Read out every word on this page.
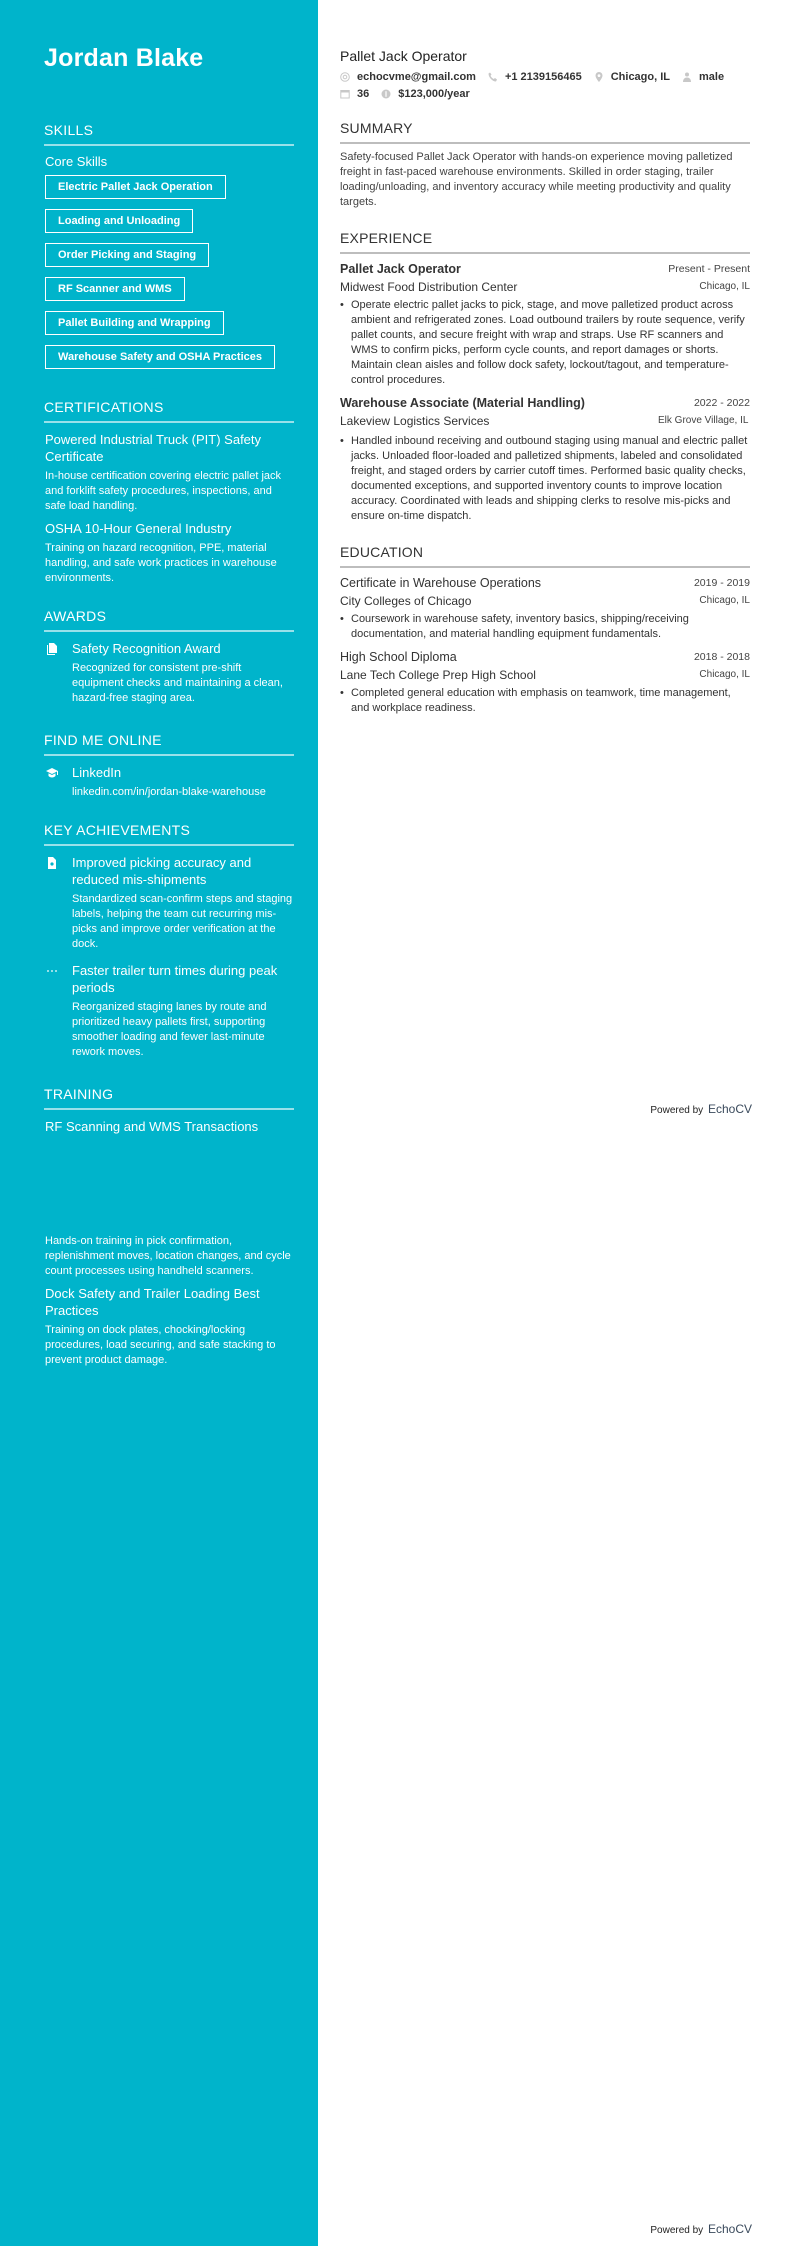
Jordan Blake
SKILLS
Core Skills
Electric Pallet Jack Operation
Loading and Unloading
Order Picking and Staging
RF Scanner and WMS
Pallet Building and Wrapping
Warehouse Safety and OSHA Practices
CERTIFICATIONS
Powered Industrial Truck (PIT) Safety Certificate
In-house certification covering electric pallet jack and forklift safety procedures, inspections, and safe load handling.
OSHA 10-Hour General Industry
Training on hazard recognition, PPE, material handling, and safe work practices in warehouse environments.
AWARDS
Safety Recognition Award
Recognized for consistent pre-shift equipment checks and maintaining a clean, hazard-free staging area.
FIND ME ONLINE
LinkedIn
linkedin.com/in/jordan-blake-warehouse
KEY ACHIEVEMENTS
Improved picking accuracy and reduced mis-shipments
Standardized scan-confirm steps and staging labels, helping the team cut recurring mis-picks and improve order verification at the dock.
Faster trailer turn times during peak periods
Reorganized staging lanes by route and prioritized heavy pallets first, supporting smoother loading and fewer last-minute rework moves.
TRAINING
RF Scanning and WMS Transactions
Hands-on training in pick confirmation, replenishment moves, location changes, and cycle count processes using handheld scanners.
Dock Safety and Trailer Loading Best Practices
Training on dock plates, chocking/locking procedures, load securing, and safe stacking to prevent product damage.
Pallet Jack Operator
echocvme@gmail.com	+1 2139156465	Chicago, IL	male
36	$123,000/year
SUMMARY
Safety-focused Pallet Jack Operator with hands-on experience moving palletized freight in fast-paced warehouse environments. Skilled in order staging, trailer loading/unloading, and inventory accuracy while meeting productivity and quality targets.
EXPERIENCE
Pallet Jack Operator	Present - Present
Midwest Food Distribution Center	Chicago, IL
• Operate electric pallet jacks to pick, stage, and move palletized product across ambient and refrigerated zones. Load outbound trailers by route sequence, verify pallet counts, and secure freight with wrap and straps. Use RF scanners and WMS to confirm picks, perform cycle counts, and report damages or shorts. Maintain clean aisles and follow dock safety, lockout/tagout, and temperature-control procedures.
Warehouse Associate (Material Handling)	2022 - 2022
Lakeview Logistics Services	Elk Grove Village, IL
• Handled inbound receiving and outbound staging using manual and electric pallet jacks. Unloaded floor-loaded and palletized shipments, labeled and consolidated freight, and staged orders by carrier cutoff times. Performed basic quality checks, documented exceptions, and supported inventory counts to improve location accuracy. Coordinated with leads and shipping clerks to resolve mis-picks and ensure on-time dispatch.
EDUCATION
Certificate in Warehouse Operations	2019 - 2019
City Colleges of Chicago	Chicago, IL
• Coursework in warehouse safety, inventory basics, shipping/receiving documentation, and material handling equipment fundamentals.
High School Diploma	2018 - 2018
Lane Tech College Prep High School	Chicago, IL
• Completed general education with emphasis on teamwork, time management, and workplace readiness.
Powered by EchoCV
Powered by EchoCV
